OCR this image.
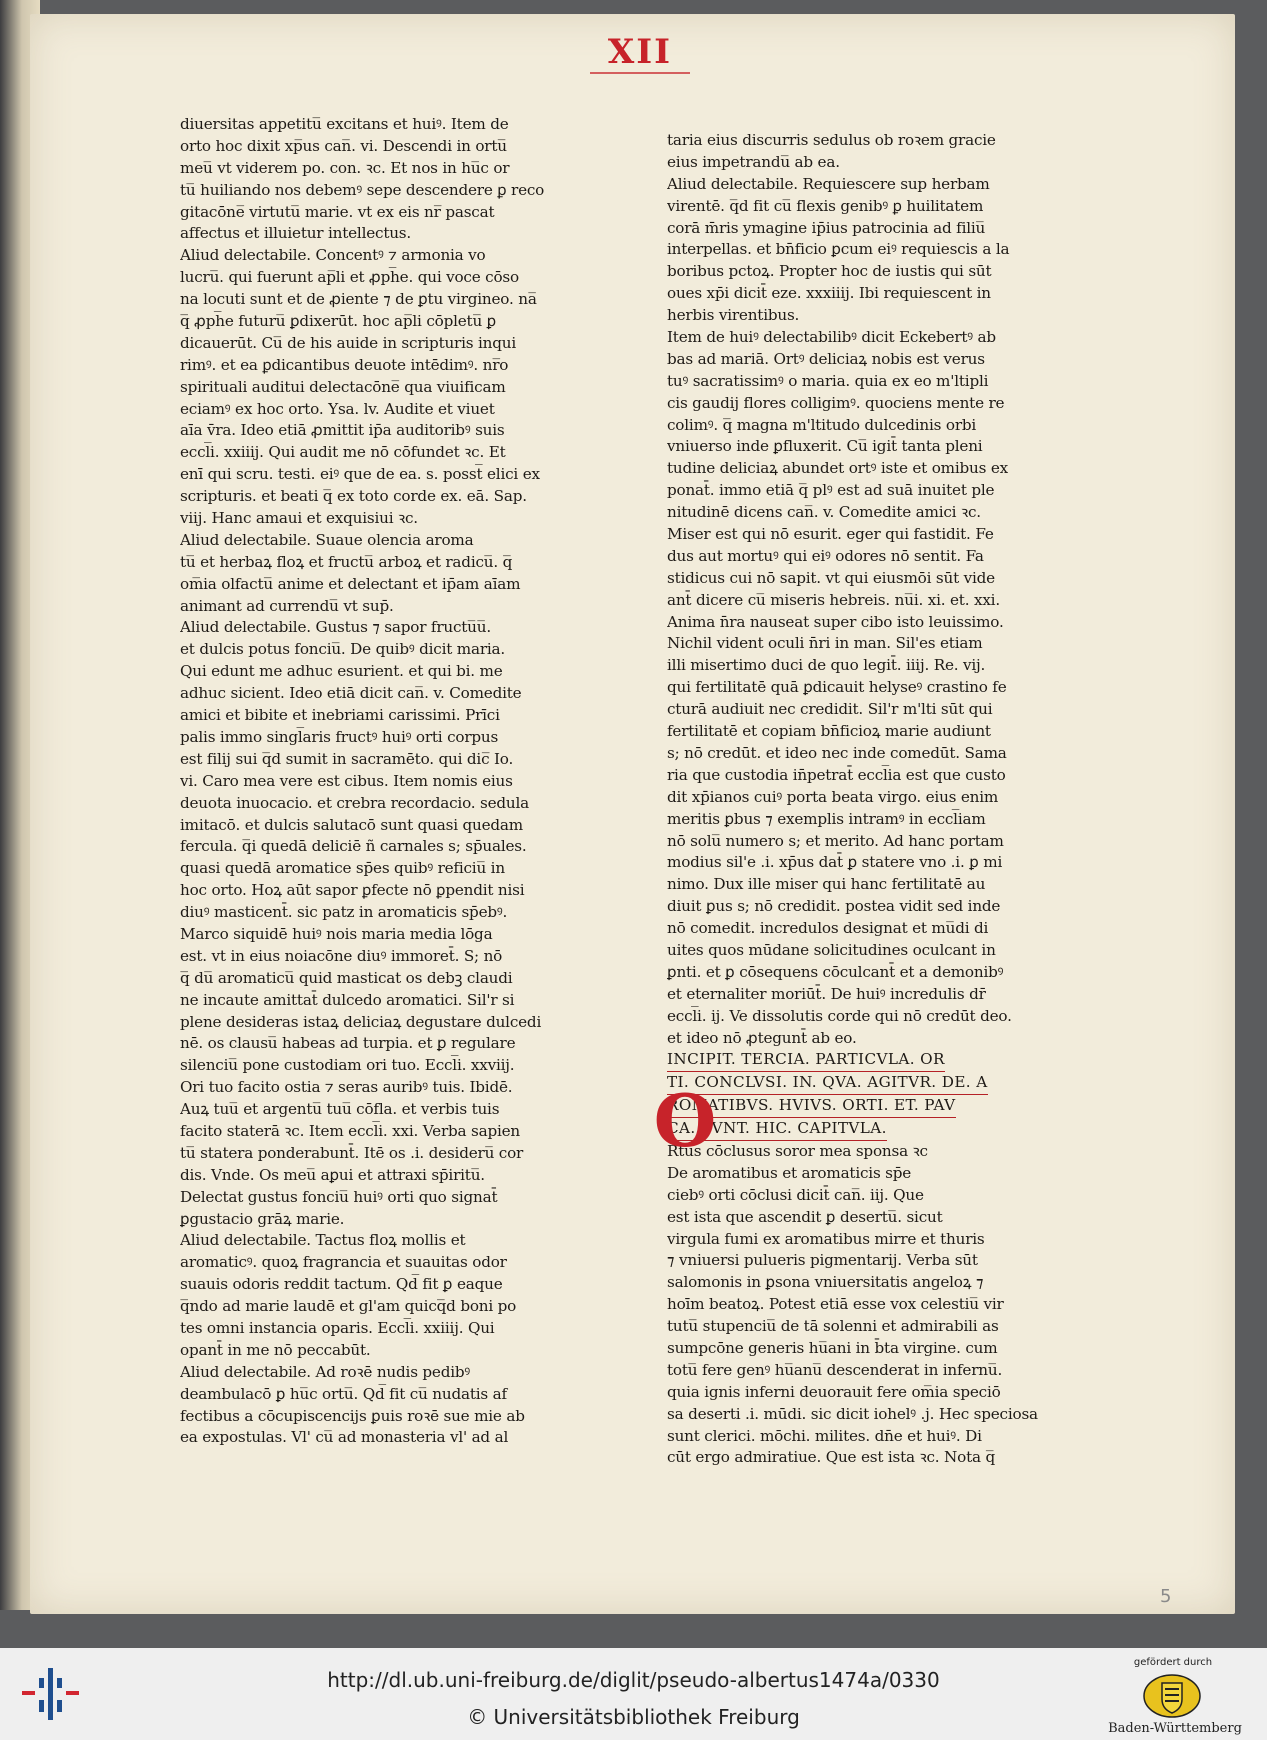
XII
diuersitas appetitu̅ excitans et huiꝰ. Item de
orto hoc dixit xp̅us can̅. vi. Descendi in ortu̅
meu̅ vt viderem po. con. ꝛc. Et nos in hu̅c or
tu̅ huiliando nos debemꝰ sepe descendere ꝑ reco
gitacōne̅ virtutu̅ marie. vt ex eis nr̅ pascat
affectus et illuietur intellectus.
Aliud delectabile. Concentꝰ ⁊ armonia vo
lucru̅. qui fuerunt ap̅li et ꝓph̅e. qui voce cōso
na locuti sunt et de ꝓiente ⁊ de ꝑtu virgineo. na̅
q̅ ꝓph̅e futuru̅ ꝑdixerūt. hoc ap̅li cōpletu̅ ꝑ
dicauerūt. Cu̅ de his auide in scripturis inqui
rimꝰ. et ea ꝑdicantibus deuote intēdimꝰ. nr̅o
spirituali auditui delectacōne̅ qua viuificam
eciamꝰ ex hoc orto. Ysa. lv. Audite et viuet
aīa v̄ra. Ideo etiā ꝓmittit ip̄a auditoribꝰ suis
eccl̅i. xxiiij. Qui audit me nō cōfundet ꝛc. Et
enī qui scru. testi. eiꝰ que de ea. s. posst̅ elici ex
scripturis. et beati q̅ ex toto corde ex. eā. Sap.
viij. Hanc amaui et exquisiui ꝛc.
Aliud delectabile. Suaue olencia aroma
tu̅ et herbaꝝ floꝝ et fructu̅ arboꝝ et radicu̅. q̅
om̅ia olfactu̅ anime et delectant et ip̄am aīam
animant ad currendu̅ vt sup̄.
Aliud delectabile. Gustus ⁊ sapor fructu̅u̅.
et dulcis potus fonciu̅. De quibꝰ dicit maria.
Qui edunt me adhuc esurient. et qui bi. me
adhuc sicient. Ideo etiā dicit can̅. v. Comedite
amici et bibite et inebriami carissimi. Prīci
palis immo singl̅aris fructꝰ huiꝰ orti corpus
est filij sui q̅d sumit in sacramēto. qui dic̅ Io.
vi. Caro mea vere est cibus. Item nomis eius
deuota inuocacio. et crebra recordacio. sedula
imitacō. et dulcis salutacō sunt quasi quedam
fercula. q̅i quedā deliciē ñ carnales s; sp̄uales.
quasi quedā aromatice sp̄es quibꝰ reficiu̅ in
hoc orto. Hoꝝ aūt sapor ꝑfecte nō ꝑpendit nisi
diuꝰ masticent̄. sic patz in aromaticis sp̄ebꝰ.
Marco siquidē huiꝰ nois maria media lōga
est. vt in eius noiacōne diuꝰ immoret̄. S; nō
q̅ du̅ aromaticu̅ quid masticat os debꝫ claudi
ne incaute amittat̄ dulcedo aromatici. Sil'r si
plene desideras istaꝝ deliciaꝝ degustare dulcedi
nē. os clausu̅ habeas ad turpia. et ꝑ regulare
silenciu̅ pone custodiam ori tuo. Eccl̅i. xxviij.
Ori tuo facito ostia ⁊ seras auribꝰ tuis. Ibidē.
Auꝝ tuu̅ et argentu̅ tuu̅ cōfla. et verbis tuis
facito staterā ꝛc. Item eccl̅i. xxi. Verba sapien
tu̅ statera ponderabunt̄. Itē os .i. desideru̅ cor
dis. Vnde. Os meu̅ aꝑui et attraxi sp̄iritu̅.
Delectat gustus fonciu̅ huiꝰ orti quo signat̄
ꝑgustacio grāꝝ marie.
Aliud delectabile. Tactus floꝝ mollis et
aromaticꝰ. quoꝝ fragrancia et suauitas odor
suauis odoris reddit tactum. Qd̅ fit ꝑ eaque
q̅ndo ad marie laudē et gl'am quicq̅d boni po
tes omni instancia oparis. Eccl̅i. xxiiij. Qui
opant̄ in me nō peccabūt.
Aliud delectabile. Ad roꝛē nudis pedibꝰ
deambulacō ꝑ hu̅c ortu̅. Qd̅ fit cu̅ nudatis af
fectibus a cōcupiscencijs ꝑuis roꝛē sue mie ab
ea expostulas. Vl' cu̅ ad monasteria vl' ad al
taria eius discurris sedulus ob roꝛem gracie
eius impetrandu̅ ab ea.
Aliud delectabile. Requiescere sup herbam
virentē. q̅d fit cu̅ flexis genibꝰ ꝑ huilitatem
corā m̄ris ymagine ip̄ius patrocinia ad filiu̅
interpellas. et bn̄ficio ꝑcum eiꝰ requiescis a la
boribus pctoꝝ. Propter hoc de iustis qui sūt
oues xp̄i dicit̄ eze. xxxiiij. Ibi requiescent in
herbis virentibus.
Item de huiꝰ delectabilibꝰ dicit Eckebertꝰ ab
bas ad mariā. Ortꝰ deliciaꝝ nobis est verus
tuꝰ sacratissimꝰ o maria. quia ex eo m'ltipli
cis gaudij flores colligimꝰ. quociens mente re
colimꝰ. q̅ magna m'ltitudo dulcedinis orbi
vniuerso inde ꝑfluxerit. Cu̅ igit̄ tanta pleni
tudine deliciaꝝ abundet ortꝰ iste et omibus ex
ponat̄. immo etiā q̅ plꝰ est ad suā inuitet ple
nitudinē dicens can̅. v. Comedite amici ꝛc.
Miser est qui nō esurit. eger qui fastidit. Fe
dus aut mortuꝰ qui eiꝰ odores nō sentit. Fa
stidicus cui nō sapit. vt qui eiusmōi sūt vide
ant̄ dicere cu̅ miseris hebreis. nu̅i. xi. et. xxi.
Anima n̄ra nauseat super cibo isto leuissimo.
Nichil vident oculi n̄ri in man. Sil'es etiam
illi misertimo duci de quo legit̄. iiij. Re. vij.
qui fertilitatē quā ꝑdicauit helyseꝰ crastino fe
cturā audiuit nec credidit. Sil'r m'lti sūt qui
fertilitatē et copiam bn̄ficioꝝ marie audiunt
s; nō credūt. et ideo nec inde comedūt. Sama
ria que custodia in̄petrat̄ eccl̅ia est que custo
dit xp̄ianos cuiꝰ porta beata virgo. eius enim
meritis ꝑbus ⁊ exemplis intramꝰ in eccl̅iam
nō solu̅ numero s; et merito. Ad hanc portam
modius sil'e .i. xp̄us dat̄ ꝑ statere vno .i. ꝑ mi
nimo. Dux ille miser qui hanc fertilitatē au
diuit ꝑus s; nō credidit. postea vidit sed inde
nō comedit. incredulos designat et mu̅di di
uites quos mūdane solicitudines oculcant in
ꝑnti. et ꝑ cōsequens cōculcant̄ et a demonibꝰ
et eternaliter moriūt̄. De huiꝰ incredulis dr̄
eccl̅i. ij. Ve dissolutis corde qui nō credūt deo.
et ideo nō ꝓtegunt̄ ab eo.
INCIPIT. TERCIA. PARTICVLA. OR
TI. CONCLVSI. IN. QVA. AGITVR. DE. A
ROMATIBVS. HVIVS. ORTI. ET. PAV
CA. SVNT. HIC. CAPITVLA.
Rtus cōclusus soror mea sponsa ꝛc
De aromatibus et aromaticis sp̄e
ciebꝰ orti cōclusi dicit̄ can̅. iij. Que
est ista que ascendit ꝑ desertu̅. sicut
virgula fumi ex aromatibus mirre et thuris
⁊ vniuersi pulueris pigmentarij. Verba sūt
salomonis in ꝑsona vniuersitatis angeloꝝ ⁊
hoīm beatoꝝ. Potest etiā esse vox celestiu̅ vir
tutu̅ stupenciu̅ de tā solenni et admirabili as
sumpcōne generis hu̅ani in b̄ta virgine. cum
totu̅ fere genꝰ hu̅anu̅ descenderat in infernu̅.
quia ignis inferni deuorauit fere om̅ia speciō
sa deserti .i. mūdi. sic dicit iohelꝰ .j. Hec speciosa
sunt clerici. mōchi. milites. dn̄e et huiꝰ. Di
cūt ergo admiratiue. Que est ista ꝛc. Nota q̅
O
5
http://dl.ub.uni-freiburg.de/diglit/pseudo-albertus1474a/0330
© Universitätsbibliothek Freiburg
gefördert durch
Baden-Württemberg
